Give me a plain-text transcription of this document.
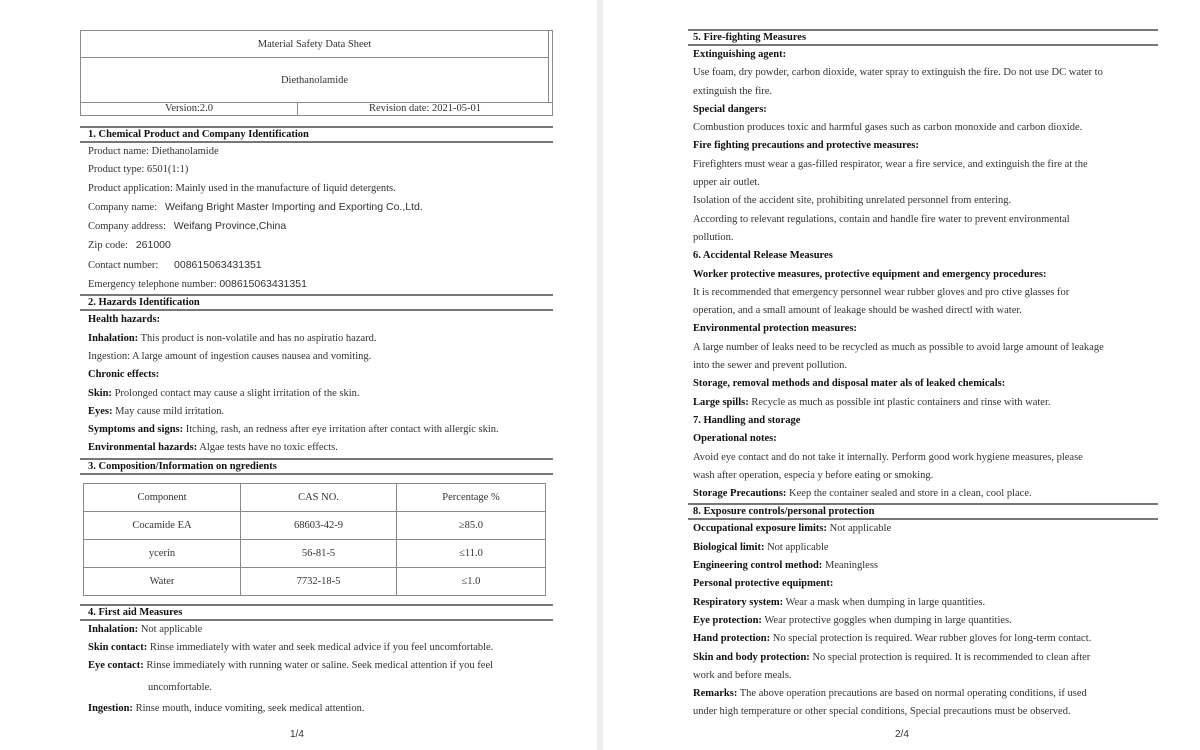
Material Safety Data Sheet		
Diethanolamide		
Version:2.0	Revision date: 2021-05-01	
1. Chemical Product and Company Identification
Product name: Diethanolamide
Product type: 6501(1:1)
Product application: Mainly used in the manufacture of liquid detergents.
Company name: Weifang Bright Master Importing and Exporting Co.,Ltd.
Company address: Weifang Province,China
Zip code: 261000
Contact number: 008615063431351
Emergency telephone number: 008615063431351
2. Hazards Identification
Health hazards:
Inhalation: This product is non-volatile and has no aspiratio hazard.
Ingestion: A large amount of ingestion causes nausea and vomiting.
Chronic effects:
Skin: Prolonged contact may cause a slight irritation of the skin.
Eyes: May cause mild irritation.
Symptoms and signs: Itching, rash, an redness after eye irritation after contact with allergic skin.
Environmental hazards: Algae tests have no toxic effects.
3. Composition/Information on ngredients
Component	CAS NO.	Percentage %
Cocamide EA	68603-42-9	≥85.0
ycerin	56-81-5	≤11.0
Water	7732-18-5	≤1.0
4. First aid Measures
Inhalation: Not applicable
Skin contact: Rinse immediately with water and seek medical advice if you feel uncomfortable.
Eye contact: Rinse immediately with running water or saline. Seek medical attention if you feel
uncomfortable.
Ingestion: Rinse mouth, induce vomiting, seek medical attention.
1/4
5. Fire-fighting Measures
Extinguishing agent:
Use foam, dry powder, carbon dioxide, water spray to extinguish the fire. Do not use DC water to
extinguish the fire.
Special dangers:
Combustion produces toxic and harmful gases such as carbon monoxide and carbon dioxide.
Fire fighting precautions and protective measures:
Firefighters must wear a gas-filled respirator, wear a fire service, and extinguish the fire at the
upper air outlet.
Isolation of the accident site, prohibiting unrelated personnel from entering.
According to relevant regulations, contain and handle fire water to prevent environmental
pollution.
6. Accidental Release Measures
Worker protective measures, protective equipment and emergency procedures:
It is recommended that emergency personnel wear rubber gloves and pro ctive glasses for
operation, and a small amount of leakage should be washed directl with water.
Environmental protection measures:
A large number of leaks need to be recycled as much as possible to avoid large amount of leakage
into the sewer and prevent pollution.
Storage, removal methods and disposal mater als of leaked chemicals:
Large spills: Recycle as much as possible int plastic containers and rinse with water.
7. Handling and storage
Operational notes:
Avoid eye contact and do not take it internally. Perform good work hygiene measures, please
wash after operation, especia y before eating or smoking.
Storage Precautions: Keep the container sealed and store in a clean, cool place.
8. Exposure controls/personal protection
Occupational exposure limits: Not applicable
Biological limit: Not applicable
Engineering control method: Meaningless
Personal protective equipment:
Respiratory system: Wear a mask when dumping in large quantities.
Eye protection: Wear protective goggles when dumping in large quantities.
Hand protection: No special protection is required. Wear rubber gloves for long-term contact.
Skin and body protection: No special protection is required. It is recommended to clean after
work and before meals.
Remarks: The above operation precautions are based on normal operating conditions, if used
under high temperature or other special conditions, Special precautions must be observed.
2/4
